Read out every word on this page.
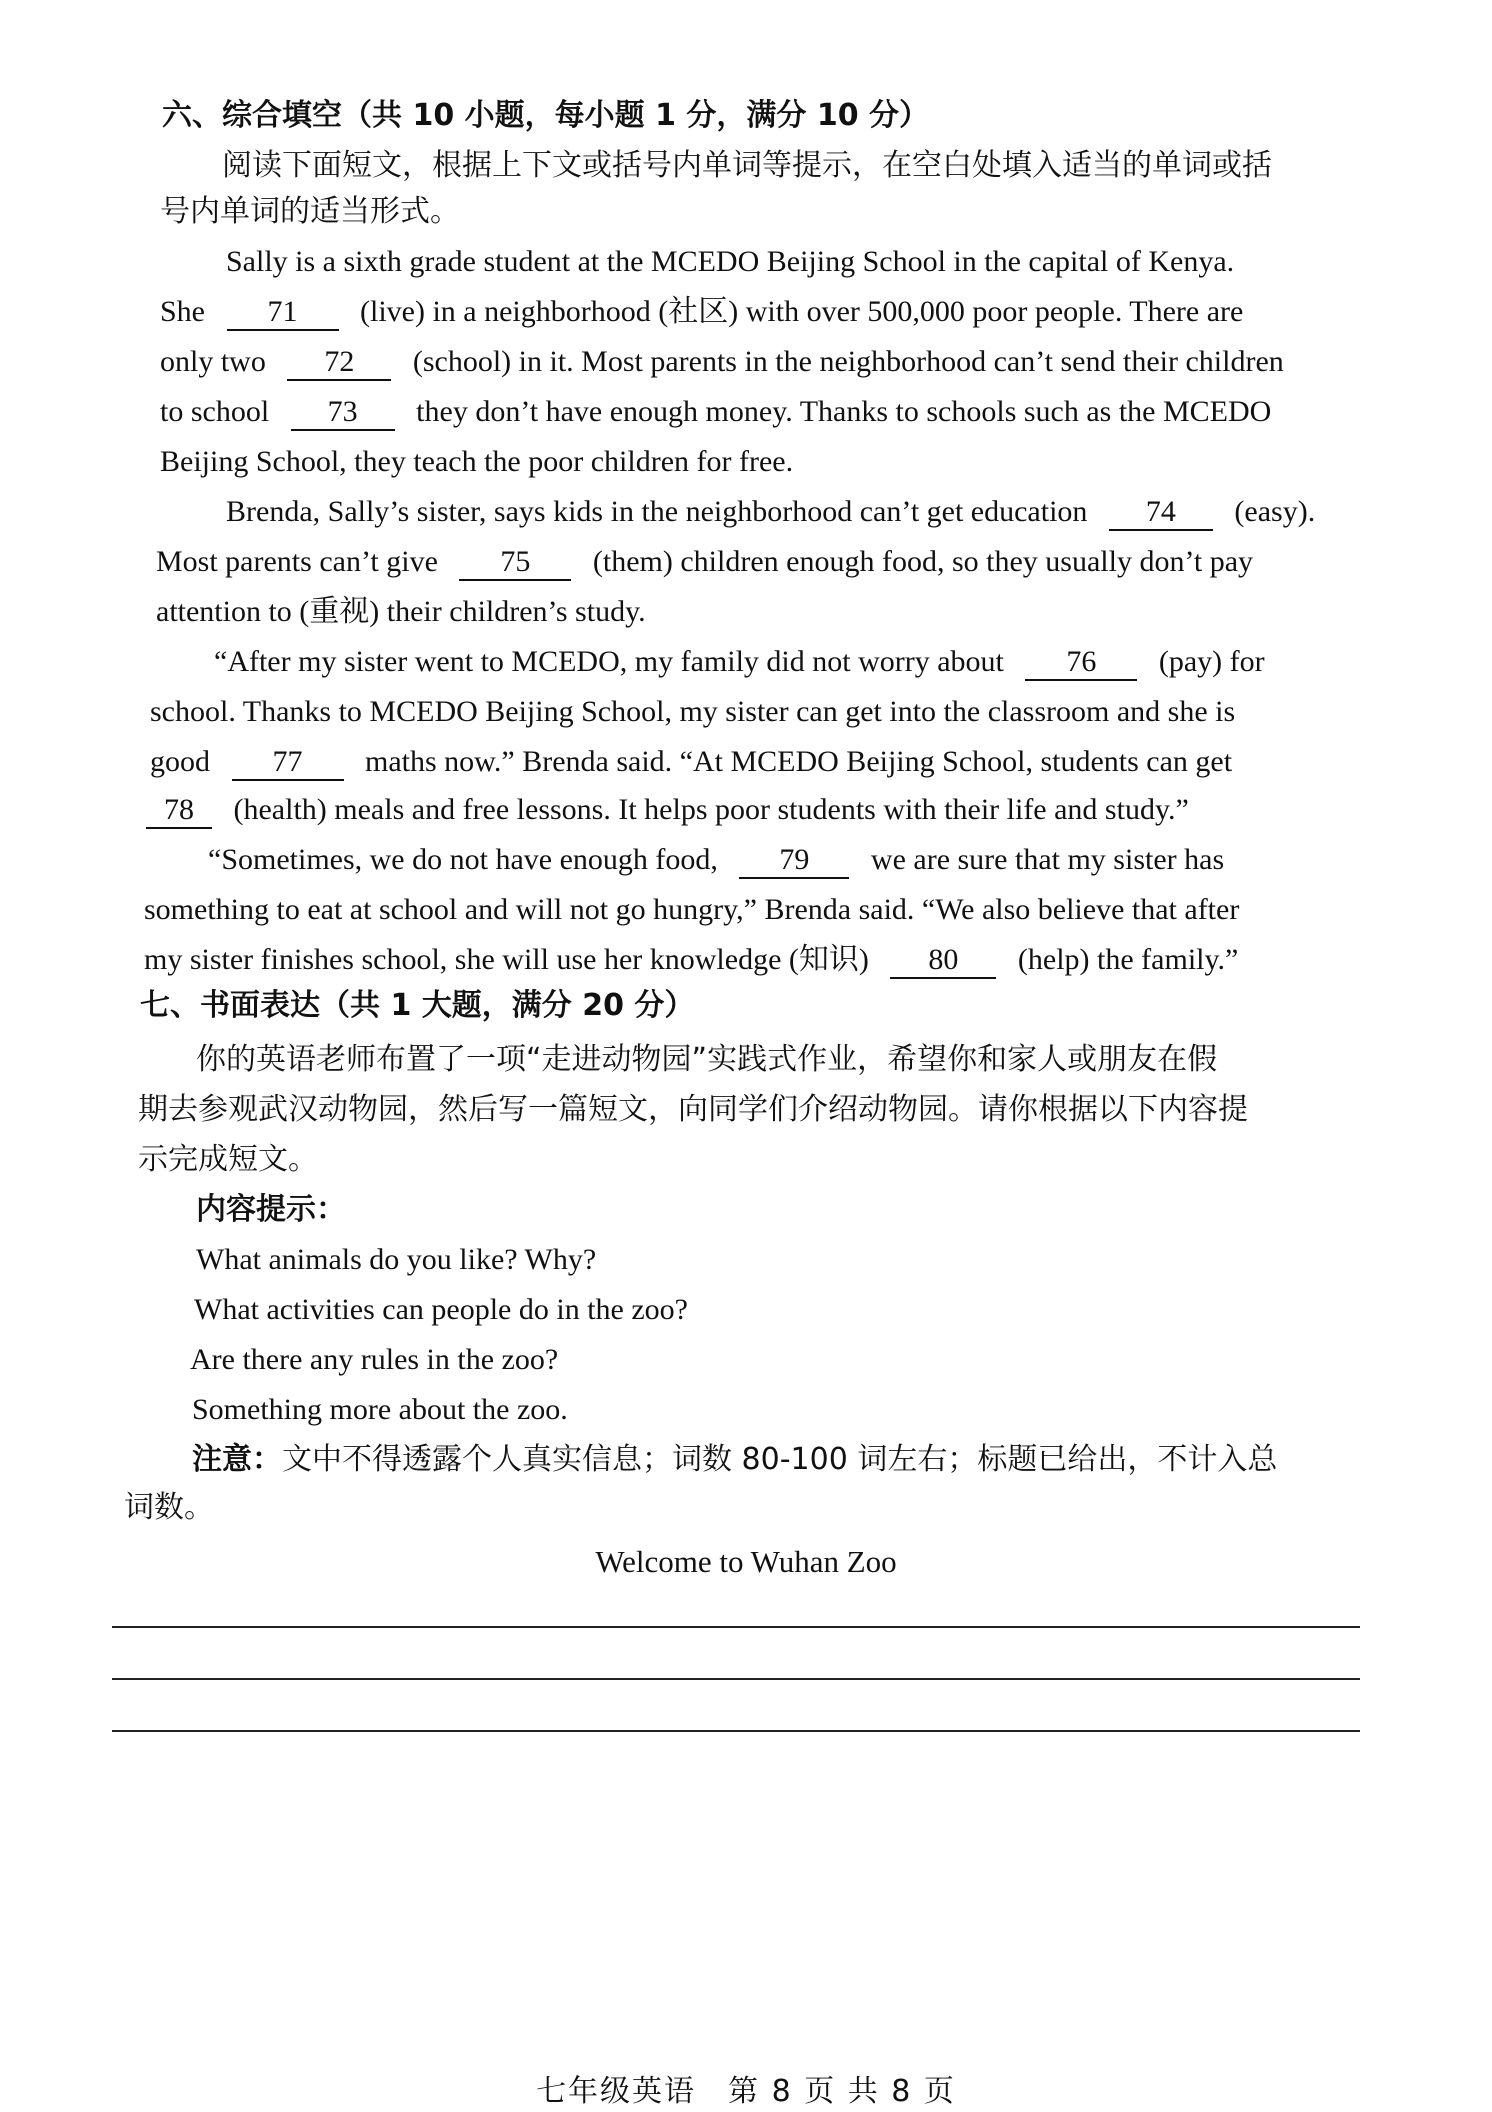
六、综合填空（共 10 小题，每小题 1 分，满分 10 分）
阅读下面短文，根据上下文或括号内单词等提示，在空白处填入适当的单词或括
号内单词的适当形式。
Sally is a sixth grade student at the MCEDO Beijing School in the capital of Kenya.
She 71 (live) in a neighborhood (社区) with over 500,000 poor people. There are
only two 72 (school) in it. Most parents in the neighborhood can’t send their children
to school 73 they don’t have enough money. Thanks to schools such as the MCEDO
Beijing School, they teach the poor children for free.
Brenda, Sally’s sister, says kids in the neighborhood can’t get education 74 (easy).
Most parents can’t give 75 (them) children enough food, so they usually don’t pay
attention to (重视) their children’s study.
“After my sister went to MCEDO, my family did not worry about 76 (pay) for
school. Thanks to MCEDO Beijing School, my sister can get into the classroom and she is
good 77 maths now.” Brenda said. “At MCEDO Beijing School, students can get
78 (health) meals and free lessons. It helps poor students with their life and study.”
“Sometimes, we do not have enough food, 79 we are sure that my sister has
something to eat at school and will not go hungry,” Brenda said. “We also believe that after
my sister finishes school, she will use her knowledge (知识) 80 (help) the family.”
七、书面表达（共 1 大题，满分 20 分）
你的英语老师布置了一项“走进动物园”实践式作业，希望你和家人或朋友在假
期去参观武汉动物园，然后写一篇短文，向同学们介绍动物园。请你根据以下内容提
示完成短文。
内容提示：
What animals do you like? Why?
What activities can people do in the zoo?
Are there any rules in the zoo?
Something more about the zoo.
注意：文中不得透露个人真实信息；词数 80-100 词左右；标题已给出，不计入总
词数。
Welcome to Wuhan Zoo
七年级英语　第 8 页 共 8 页
